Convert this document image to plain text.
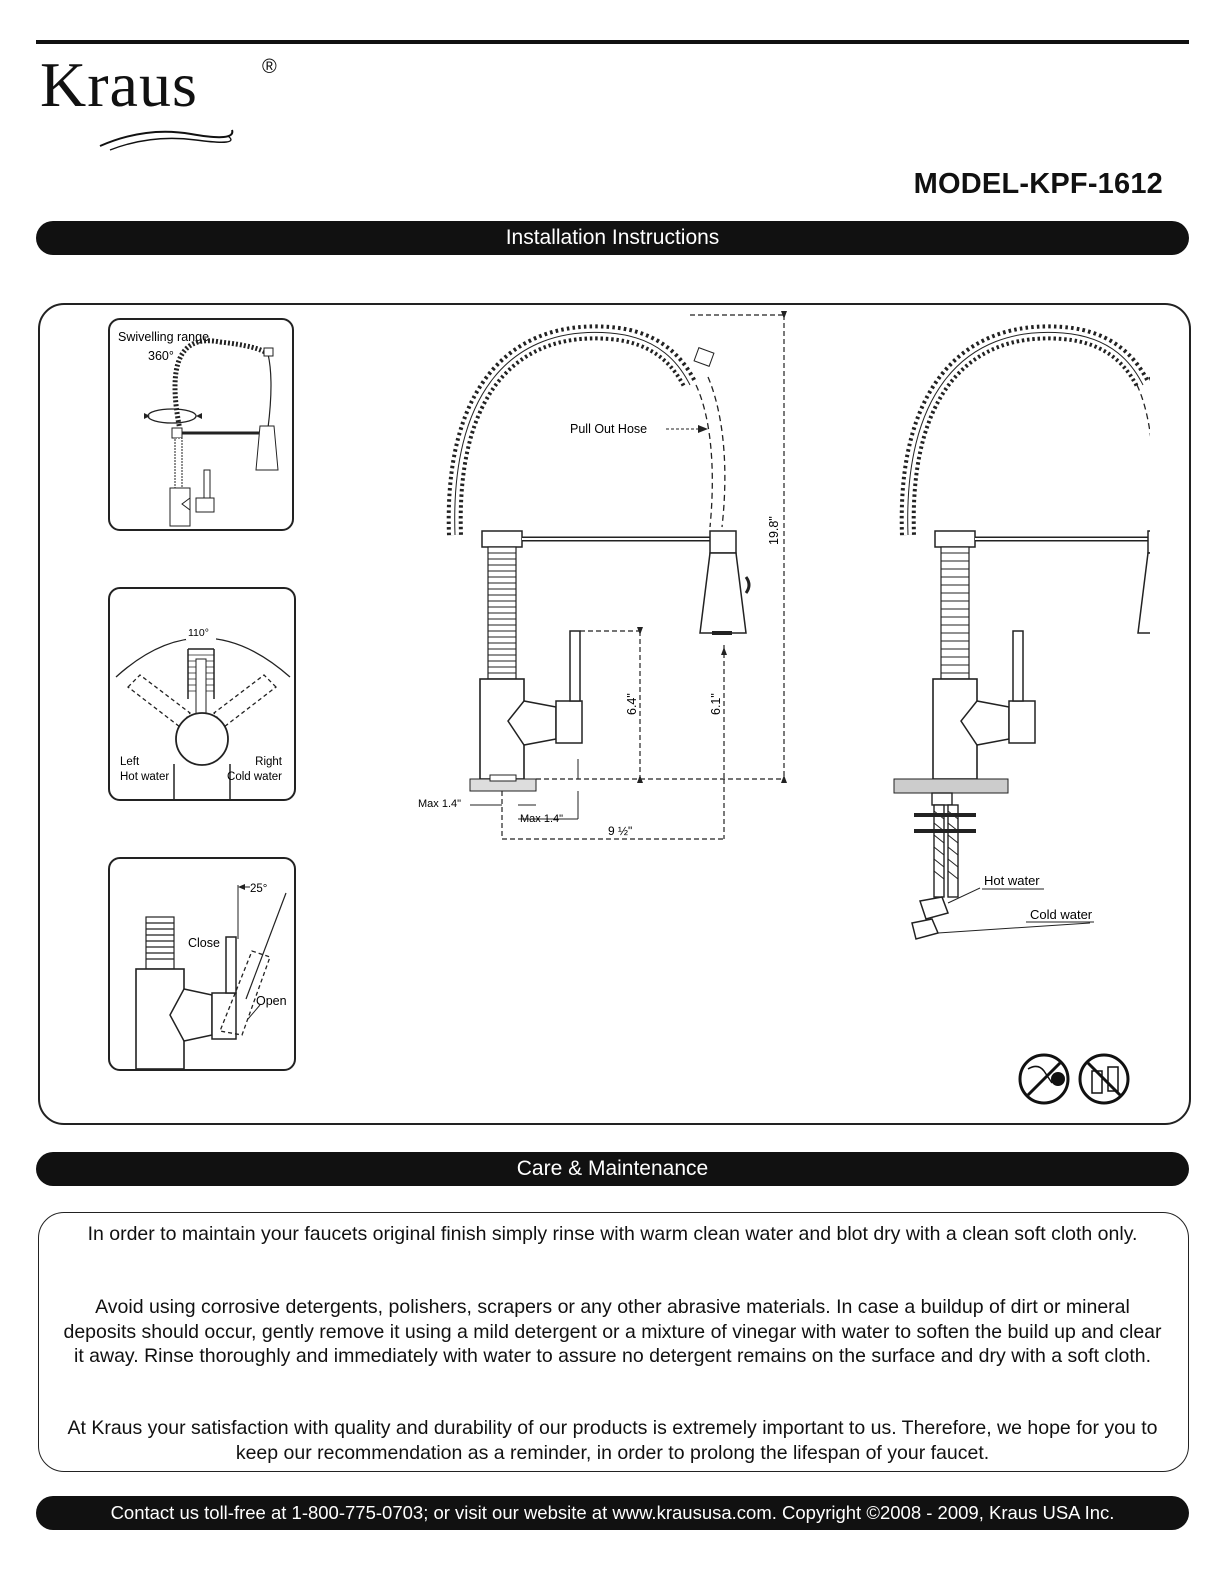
Kraus	®
MODEL-KPF-1612
Installation Instructions
Swivelling range
360°
110°
Left
Hot water
Right
Cold water
25°
Close
Open
Pull Out Hose
19.8"
6.4"	6.1"
Max 1.4"
Max 1.4"
9 ½"
Hot water
Cold water
Care & Maintenance
In order to maintain your faucets original finish simply rinse with warm clean water and blot dry with a clean soft cloth only.
Avoid using corrosive detergents, polishers, scrapers or any other abrasive materials. In case a buildup of dirt or mineral deposits should occur, gently remove it using a mild detergent or a mixture of vinegar with water to soften the build up and clear it away. Rinse thoroughly and immediately with water to assure no detergent remains on the surface and dry with a soft cloth.
At Kraus your satisfaction with quality and durability of our products is extremely important to us. Therefore, we hope for you to keep our recommendation as a reminder, in order to prolong the lifespan of your faucet.
Contact us toll-free at 1-800-775-0703; or visit our website at www.kraususa.com. Copyright ©2008 - 2009, Kraus USA Inc.
